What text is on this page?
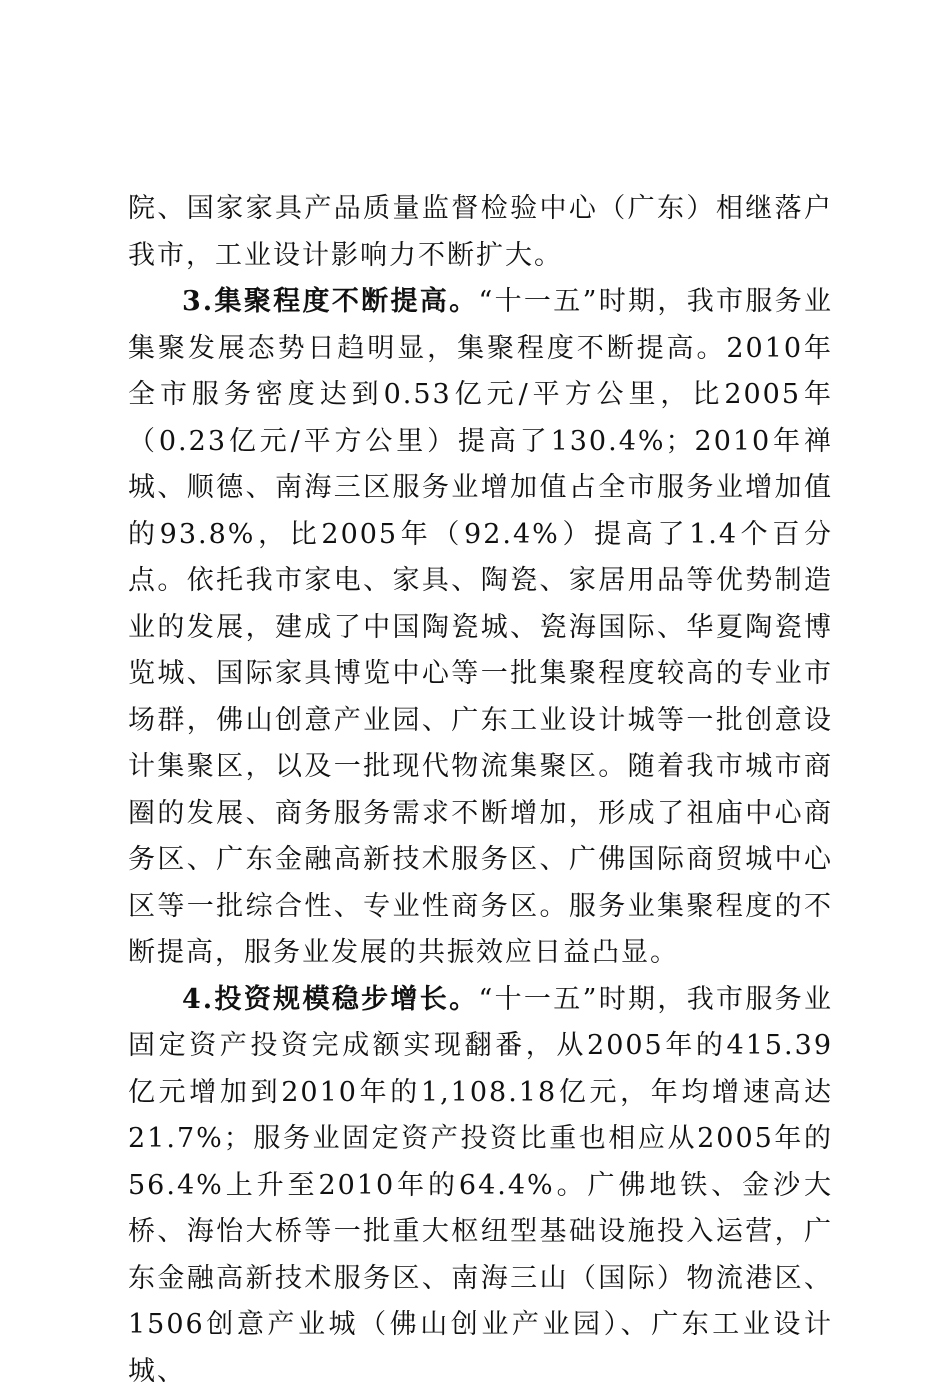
院、国家家具产品质量监督检验中心（广东）相继落户我市，工业设计影响力不断扩大。

3.集聚程度不断提高。“十一五”时期，我市服务业集聚发展态势日趋明显，集聚程度不断提高。2010年全市服务密度达到0.53亿元/平方公里，比2005年（0.23亿元/平方公里）提高了130.4%；2010年禅城、顺德、南海三区服务业增加值占全市服务业增加值的93.8%，比2005年（92.4%）提高了1.4个百分点。依托我市家电、家具、陶瓷、家居用品等优势制造业的发展，建成了中国陶瓷城、瓷海国际、华夏陶瓷博览城、国际家具博览中心等一批集聚程度较高的专业市场群，佛山创意产业园、广东工业设计城等一批创意设计集聚区，以及一批现代物流集聚区。随着我市城市商圈的发展、商务服务需求不断增加，形成了祖庙中心商务区、广东金融高新技术服务区、广佛国际商贸城中心区等一批综合性、专业性商务区。服务业集聚程度的不断提高，服务业发展的共振效应日益凸显。

4.投资规模稳步增长。“十一五”时期，我市服务业固定资产投资完成额实现翻番，从2005年的415.39亿元增加到2010年的1,108.18亿元，年均增速高达21.7%；服务业固定资产投资比重也相应从2005年的56.4%上升至2010年的64.4%。广佛地铁、金沙大桥、海怡大桥等一批重大枢纽型基础设施投入运营，广东金融高新技术服务区、南海三山（国际）物流港区、1506创意产业城（佛山创业产业园）、广东工业设计城、
